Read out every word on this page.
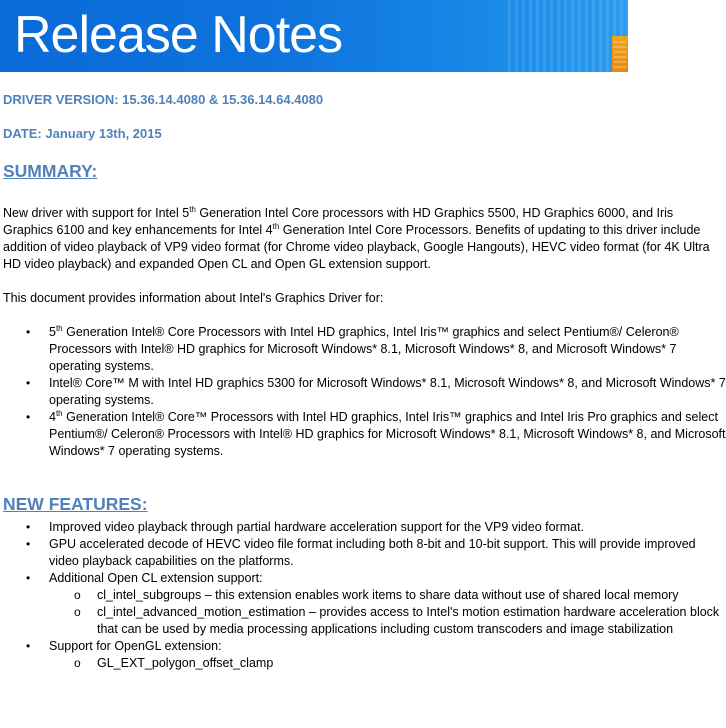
Release Notes
DRIVER VERSION: 15.36.14.4080 & 15.36.14.64.4080
DATE: January 13th, 2015
SUMMARY:
New driver with support for Intel 5th Generation Intel Core processors with HD Graphics 5500, HD Graphics 6000, and Iris Graphics 6100 and key enhancements for Intel 4th Generation Intel Core Processors. Benefits of updating to this driver include addition of video playback of VP9 video format (for Chrome video playback, Google Hangouts), HEVC video format (for 4K Ultra HD video playback) and expanded Open CL and Open GL extension support.
This document provides information about Intel's Graphics Driver for:
• 5th Generation Intel® Core Processors with Intel HD graphics, Intel Iris™ graphics and select Pentium®/ Celeron® Processors with Intel® HD graphics for Microsoft Windows* 8.1, Microsoft Windows* 8, and Microsoft Windows* 7 operating systems.
• Intel® Core™ M with Intel HD graphics 5300 for Microsoft Windows* 8.1, Microsoft Windows* 8, and Microsoft Windows* 7 operating systems.
• 4th Generation Intel® Core™ Processors with Intel HD graphics, Intel Iris™ graphics and Intel Iris Pro graphics and select Pentium®/ Celeron® Processors with Intel® HD graphics for Microsoft Windows* 8.1, Microsoft Windows* 8, and Microsoft Windows* 7 operating systems.
NEW FEATURES:
• Improved video playback through partial hardware acceleration support for the VP9 video format.
• GPU accelerated decode of HEVC video file format including both 8-bit and 10-bit support. This will provide improved video playback capabilities on the platforms.
• Additional Open CL extension support:
o cl_intel_subgroups – this extension enables work items to share data without use of shared local memory
o cl_intel_advanced_motion_estimation – provides access to Intel's motion estimation hardware acceleration block that can be used by media processing applications including custom transcoders and image stabilization
• Support for OpenGL extension:
o GL_EXT_polygon_offset_clamp
